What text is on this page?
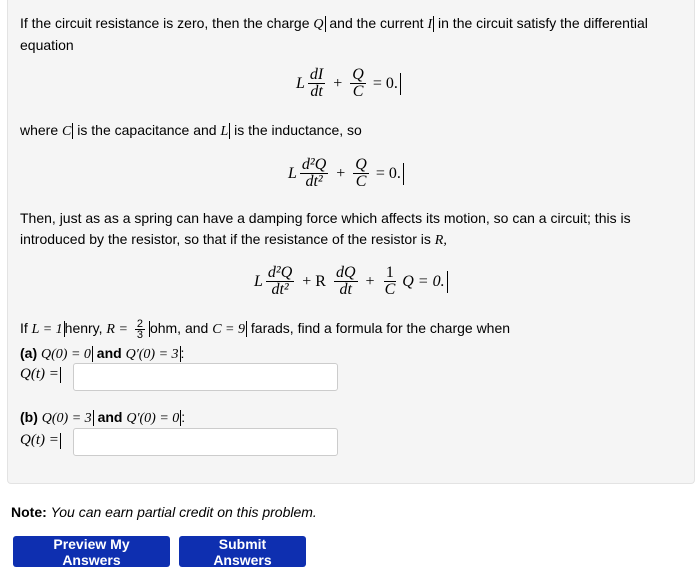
If the circuit resistance is zero, then the charge Q and the current I in the circuit satisfy the differential equation
L $\frac{dI}{dt} + \frac{Q}{C} = 0$.
where C is the capacitance and L is the inductance, so
L $\frac{\text{d²Q}}{\text{dt²}} + \frac{Q}{C} = 0$.
Then, just as as a spring can have a damping force which affects its motion, so can a circuit; this is introduced by the resistor, so that if the resistance of the resistor is R,
L $\frac{\text{d²Q}}{\text{dt²}} + R \frac{dQ}{dt} + \frac{1}{C}$ Q = 0.
If L = 1 henry, $R = \frac{2}{3}$ ohm, and C = 9 farads, find a formula for the charge when
(a) Q(0) = 0 and Q′(0) = 3 :
Q(t) =
(b) Q(0) = 3 and Q′(0) = 0 :
Q(t) =
Note: You can earn partial credit on this problem.
Preview My Answers
Submit Answers
